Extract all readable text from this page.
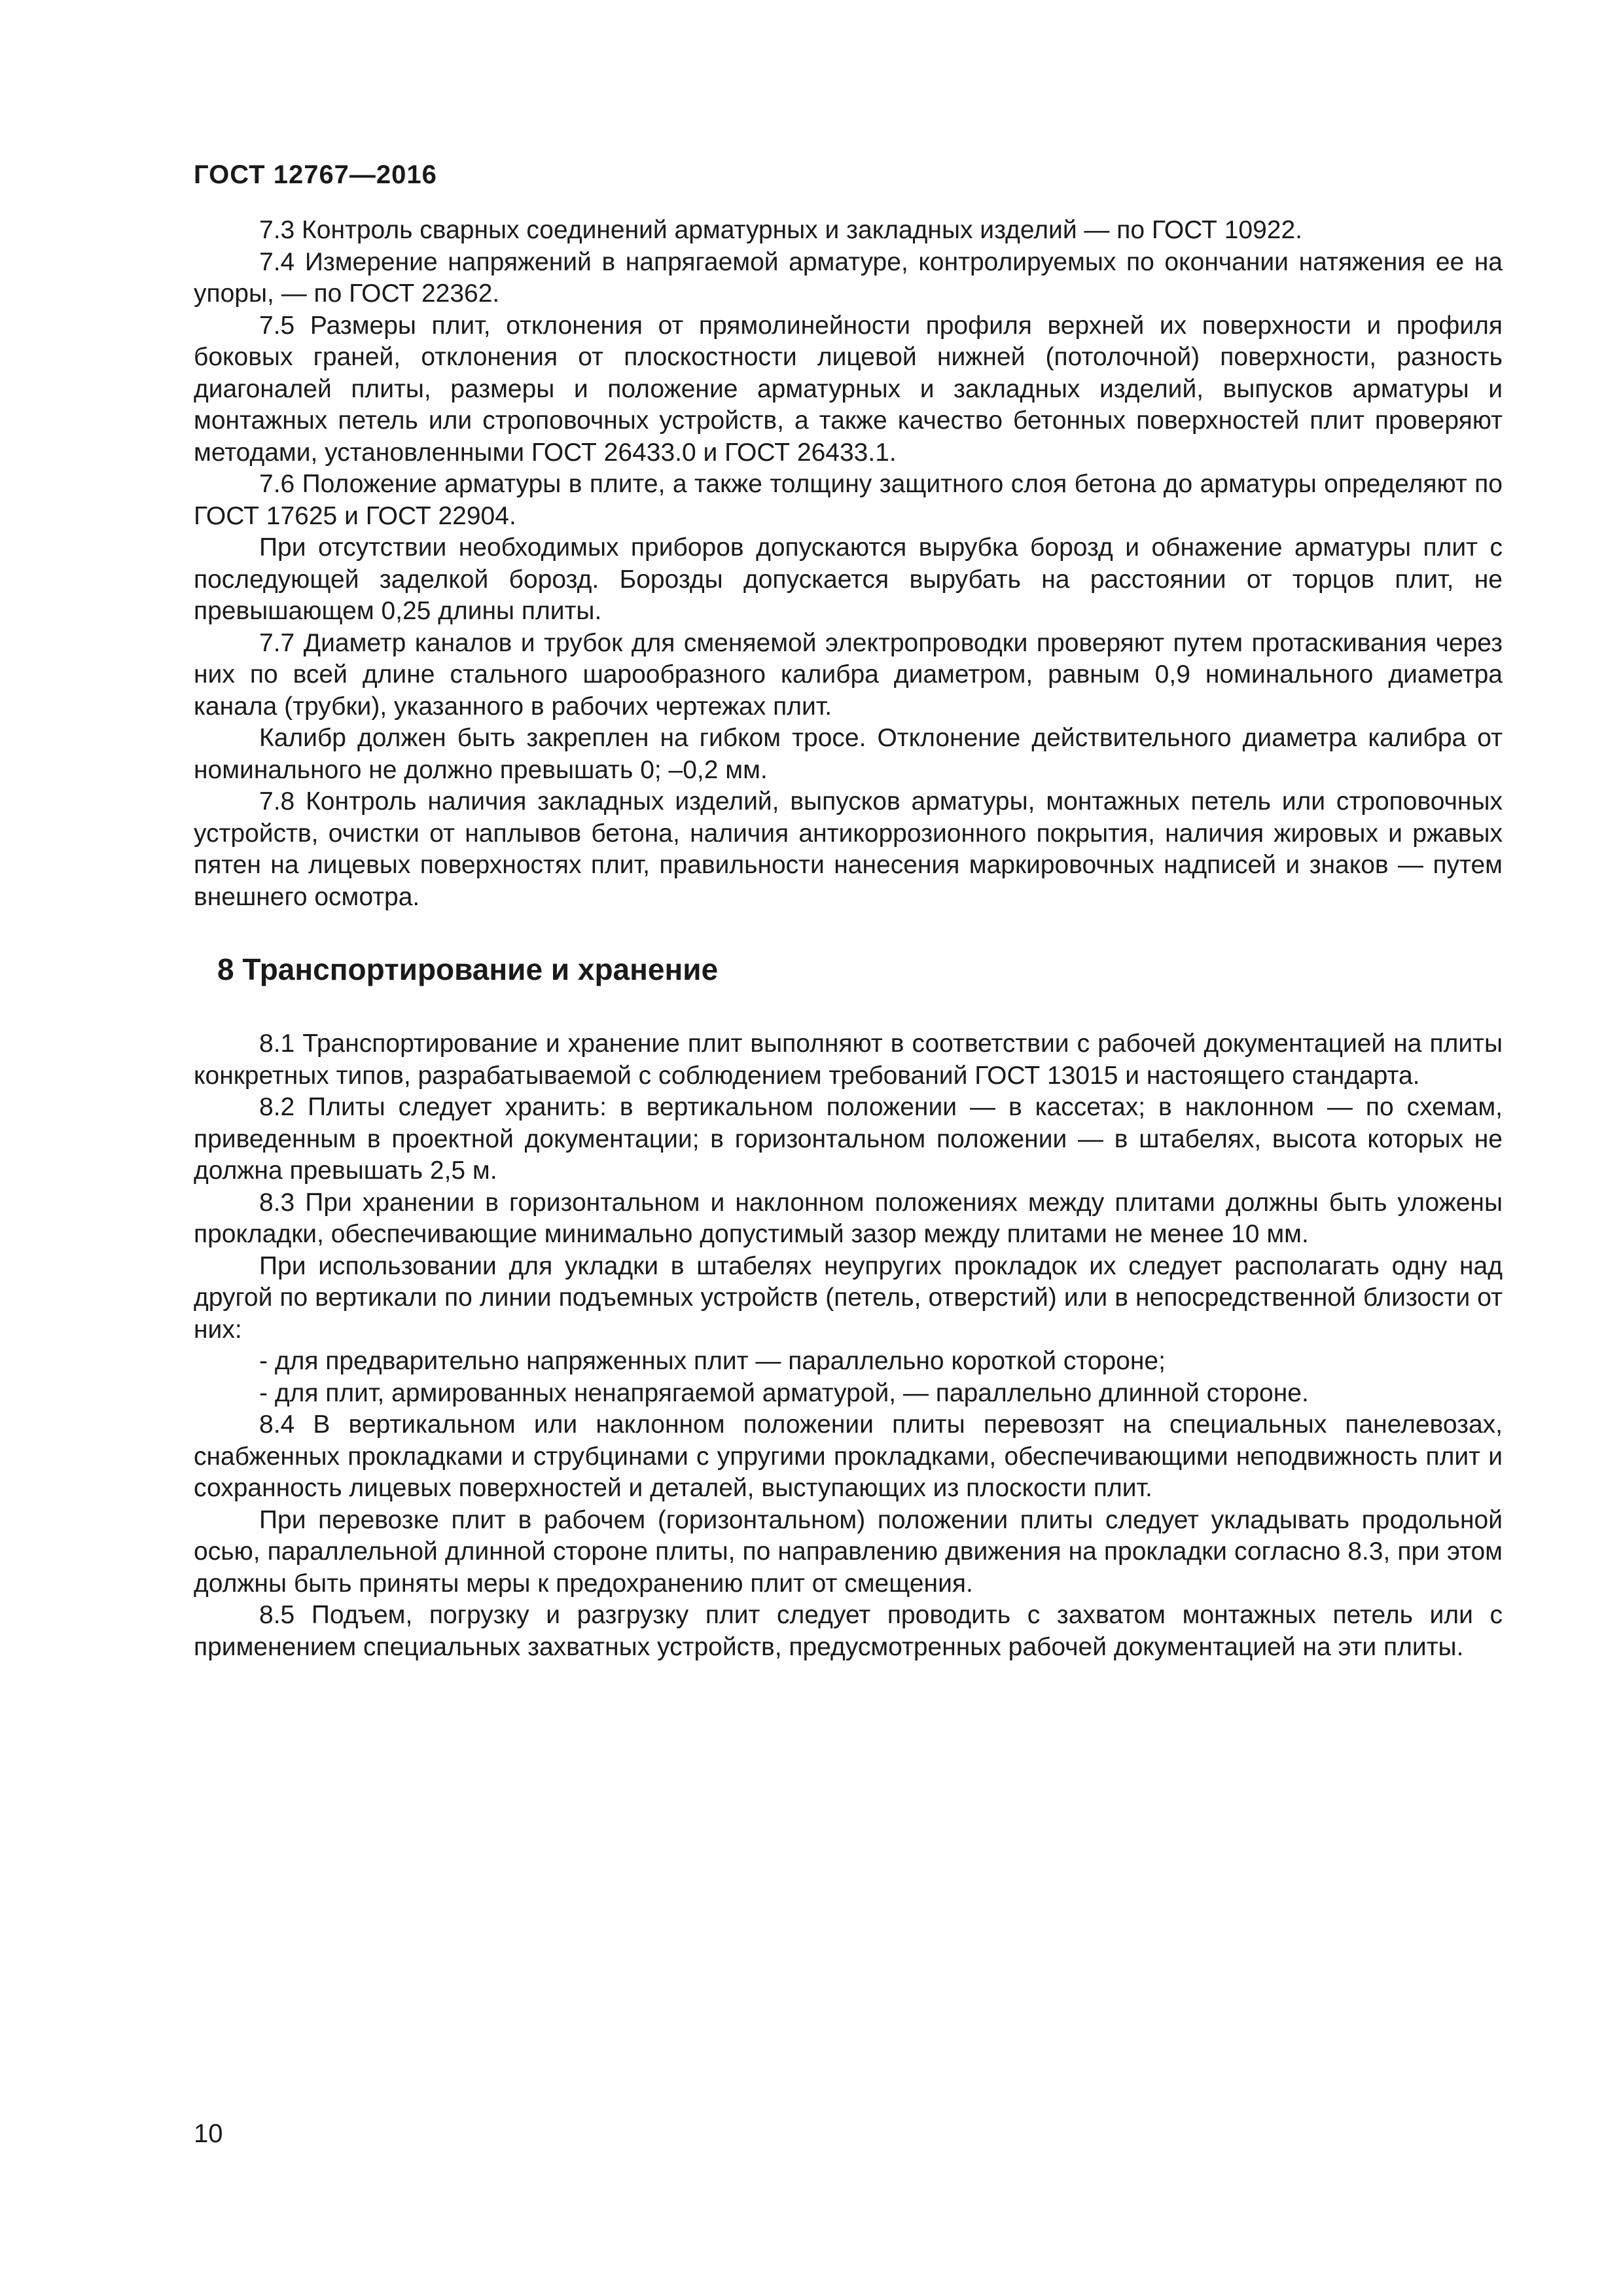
ГОСТ 12767—2016

7.3 Контроль сварных соединений арматурных и закладных изделий — по ГОСТ 10922.

7.4 Измерение напряжений в напрягаемой арматуре, контролируемых по окончании натяжения ее на упоры, — по ГОСТ 22362.

7.5 Размеры плит, отклонения от прямолинейности профиля верхней их поверхности и профиля боковых граней, отклонения от плоскостности лицевой нижней (потолочной) поверхности, разность диагоналей плиты, размеры и положение арматурных и закладных изделий, выпусков арматуры и монтажных петель или строповочных устройств, а также качество бетонных поверхностей плит проверяют методами, установленными ГОСТ 26433.0 и ГОСТ 26433.1.

7.6 Положение арматуры в плите, а также толщину защитного слоя бетона до арматуры определяют по ГОСТ 17625 и ГОСТ 22904.

При отсутствии необходимых приборов допускаются вырубка борозд и обнажение арматуры плит с последующей заделкой борозд. Борозды допускается вырубать на расстоянии от торцов плит, не превышающем 0,25 длины плиты.

7.7 Диаметр каналов и трубок для сменяемой электропроводки проверяют путем протаскивания через них по всей длине стального шарообразного калибра диаметром, равным 0,9 номинального диаметра канала (трубки), указанного в рабочих чертежах плит.

Калибр должен быть закреплен на гибком тросе. Отклонение действительного диаметра калибра от номинального не должно превышать 0; –0,2 мм.

7.8 Контроль наличия закладных изделий, выпусков арматуры, монтажных петель или строповочных устройств, очистки от наплывов бетона, наличия антикоррозионного покрытия, наличия жировых и ржавых пятен на лицевых поверхностях плит, правильности нанесения маркировочных надписей и знаков — путем внешнего осмотра.

8 Транспортирование и хранение

8.1 Транспортирование и хранение плит выполняют в соответствии с рабочей документацией на плиты конкретных типов, разрабатываемой с соблюдением требований ГОСТ 13015 и настоящего стандарта.

8.2 Плиты следует хранить: в вертикальном положении — в кассетах; в наклонном — по схемам, приведенным в проектной документации; в горизонтальном положении — в штабелях, высота которых не должна превышать 2,5 м.

8.3 При хранении в горизонтальном и наклонном положениях между плитами должны быть уложены прокладки, обеспечивающие минимально допустимый зазор между плитами не менее 10 мм.

При использовании для укладки в штабелях неупругих прокладок их следует располагать одну над другой по вертикали по линии подъемных устройств (петель, отверстий) или в непосредственной близости от них:

- для предварительно напряженных плит — параллельно короткой стороне;

- для плит, армированных ненапрягаемой арматурой, — параллельно длинной стороне.

8.4 В вертикальном или наклонном положении плиты перевозят на специальных панелевозах, снабженных прокладками и струбцинами с упругими прокладками, обеспечивающими неподвижность плит и сохранность лицевых поверхностей и деталей, выступающих из плоскости плит.

При перевозке плит в рабочем (горизонтальном) положении плиты следует укладывать продольной осью, параллельной длинной стороне плиты, по направлению движения на прокладки согласно 8.3, при этом должны быть приняты меры к предохранению плит от смещения.

8.5 Подъем, погрузку и разгрузку плит следует проводить с захватом монтажных петель или с применением специальных захватных устройств, предусмотренных рабочей документацией на эти плиты.

10
